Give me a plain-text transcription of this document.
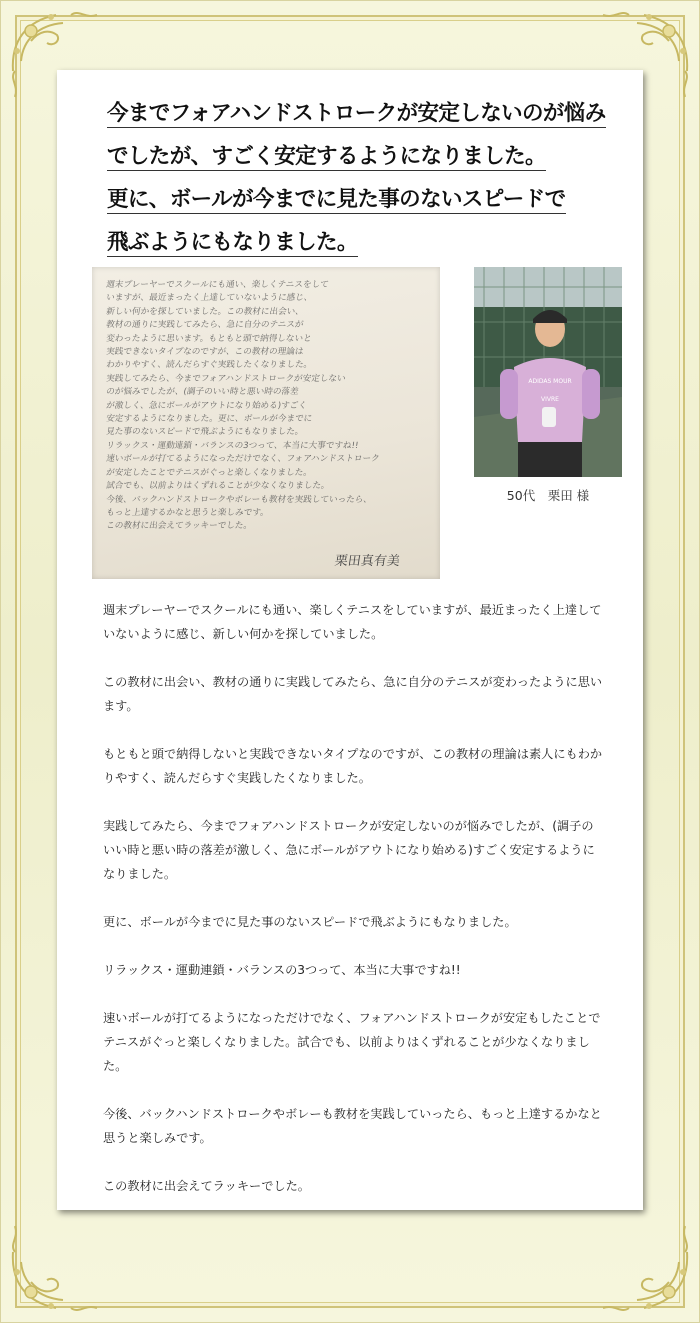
今までフォアハンドストロークが安定しないのが悩み
でしたが、すごく安定するようになりました。
更に、ボールが今までに見た事のないスピードで
飛ぶようにもなりました。
週末プレーヤーでスクールにも通い、楽しくテニスをして
いますが、最近まったく上達していないように感じ、
新しい何かを探していました。この教材に出会い、
教材の通りに実践してみたら、急に自分のテニスが
変わったように思います。もともと頭で納得しないと
実践できないタイプなのですが、この教材の理論は
わかりやすく、読んだらすぐ実践したくなりました。
実践してみたら、今までフォアハンドストロークが安定しない
のが悩みでしたが、(調子のいい時と悪い時の落差
が激しく、急にボールがアウトになり始める)すごく
安定するようになりました。更に、ボールが今までに
見た事のないスピードで飛ぶようにもなりました。
リラックス・運動連鎖・バランスの3つって、本当に大事ですね!!
速いボールが打てるようになっただけでなく、フォアハンドストローク
が安定したことでテニスがぐっと楽しくなりました。
試合でも、以前よりはくずれることが少なくなりました。
今後、バックハンドストロークやボレーも教材を実践していったら、
もっと上達するかなと思うと楽しみです。
この教材に出会えてラッキーでした。
栗田真有美
ADIDAS MOUR
VIVRE
50代　栗田 様

週末プレーヤーでスクールにも通い、楽しくテニスをしていますが、最近まったく上達していないように感じ、新しい何かを探していました。

この教材に出会い、教材の通りに実践してみたら、急に自分のテニスが変わったように思います。

もともと頭で納得しないと実践できないタイプなのですが、この教材の理論は素人にもわかりやすく、読んだらすぐ実践したくなりました。

実践してみたら、今までフォアハンドストロークが安定しないのが悩みでしたが、(調子のいい時と悪い時の落差が激しく、急にボールがアウトになり始める)すごく安定するようになりました。

更に、ボールが今までに見た事のないスピードで飛ぶようにもなりました。

リラックス・運動連鎖・バランスの3つって、本当に大事ですね!!

速いボールが打てるようになっただけでなく、フォアハンドストロークが安定もしたことでテニスがぐっと楽しくなりました。試合でも、以前よりはくずれることが少なくなりました。

今後、バックハンドストロークやボレーも教材を実践していったら、もっと上達するかなと思うと楽しみです。

この教材に出会えてラッキーでした。
